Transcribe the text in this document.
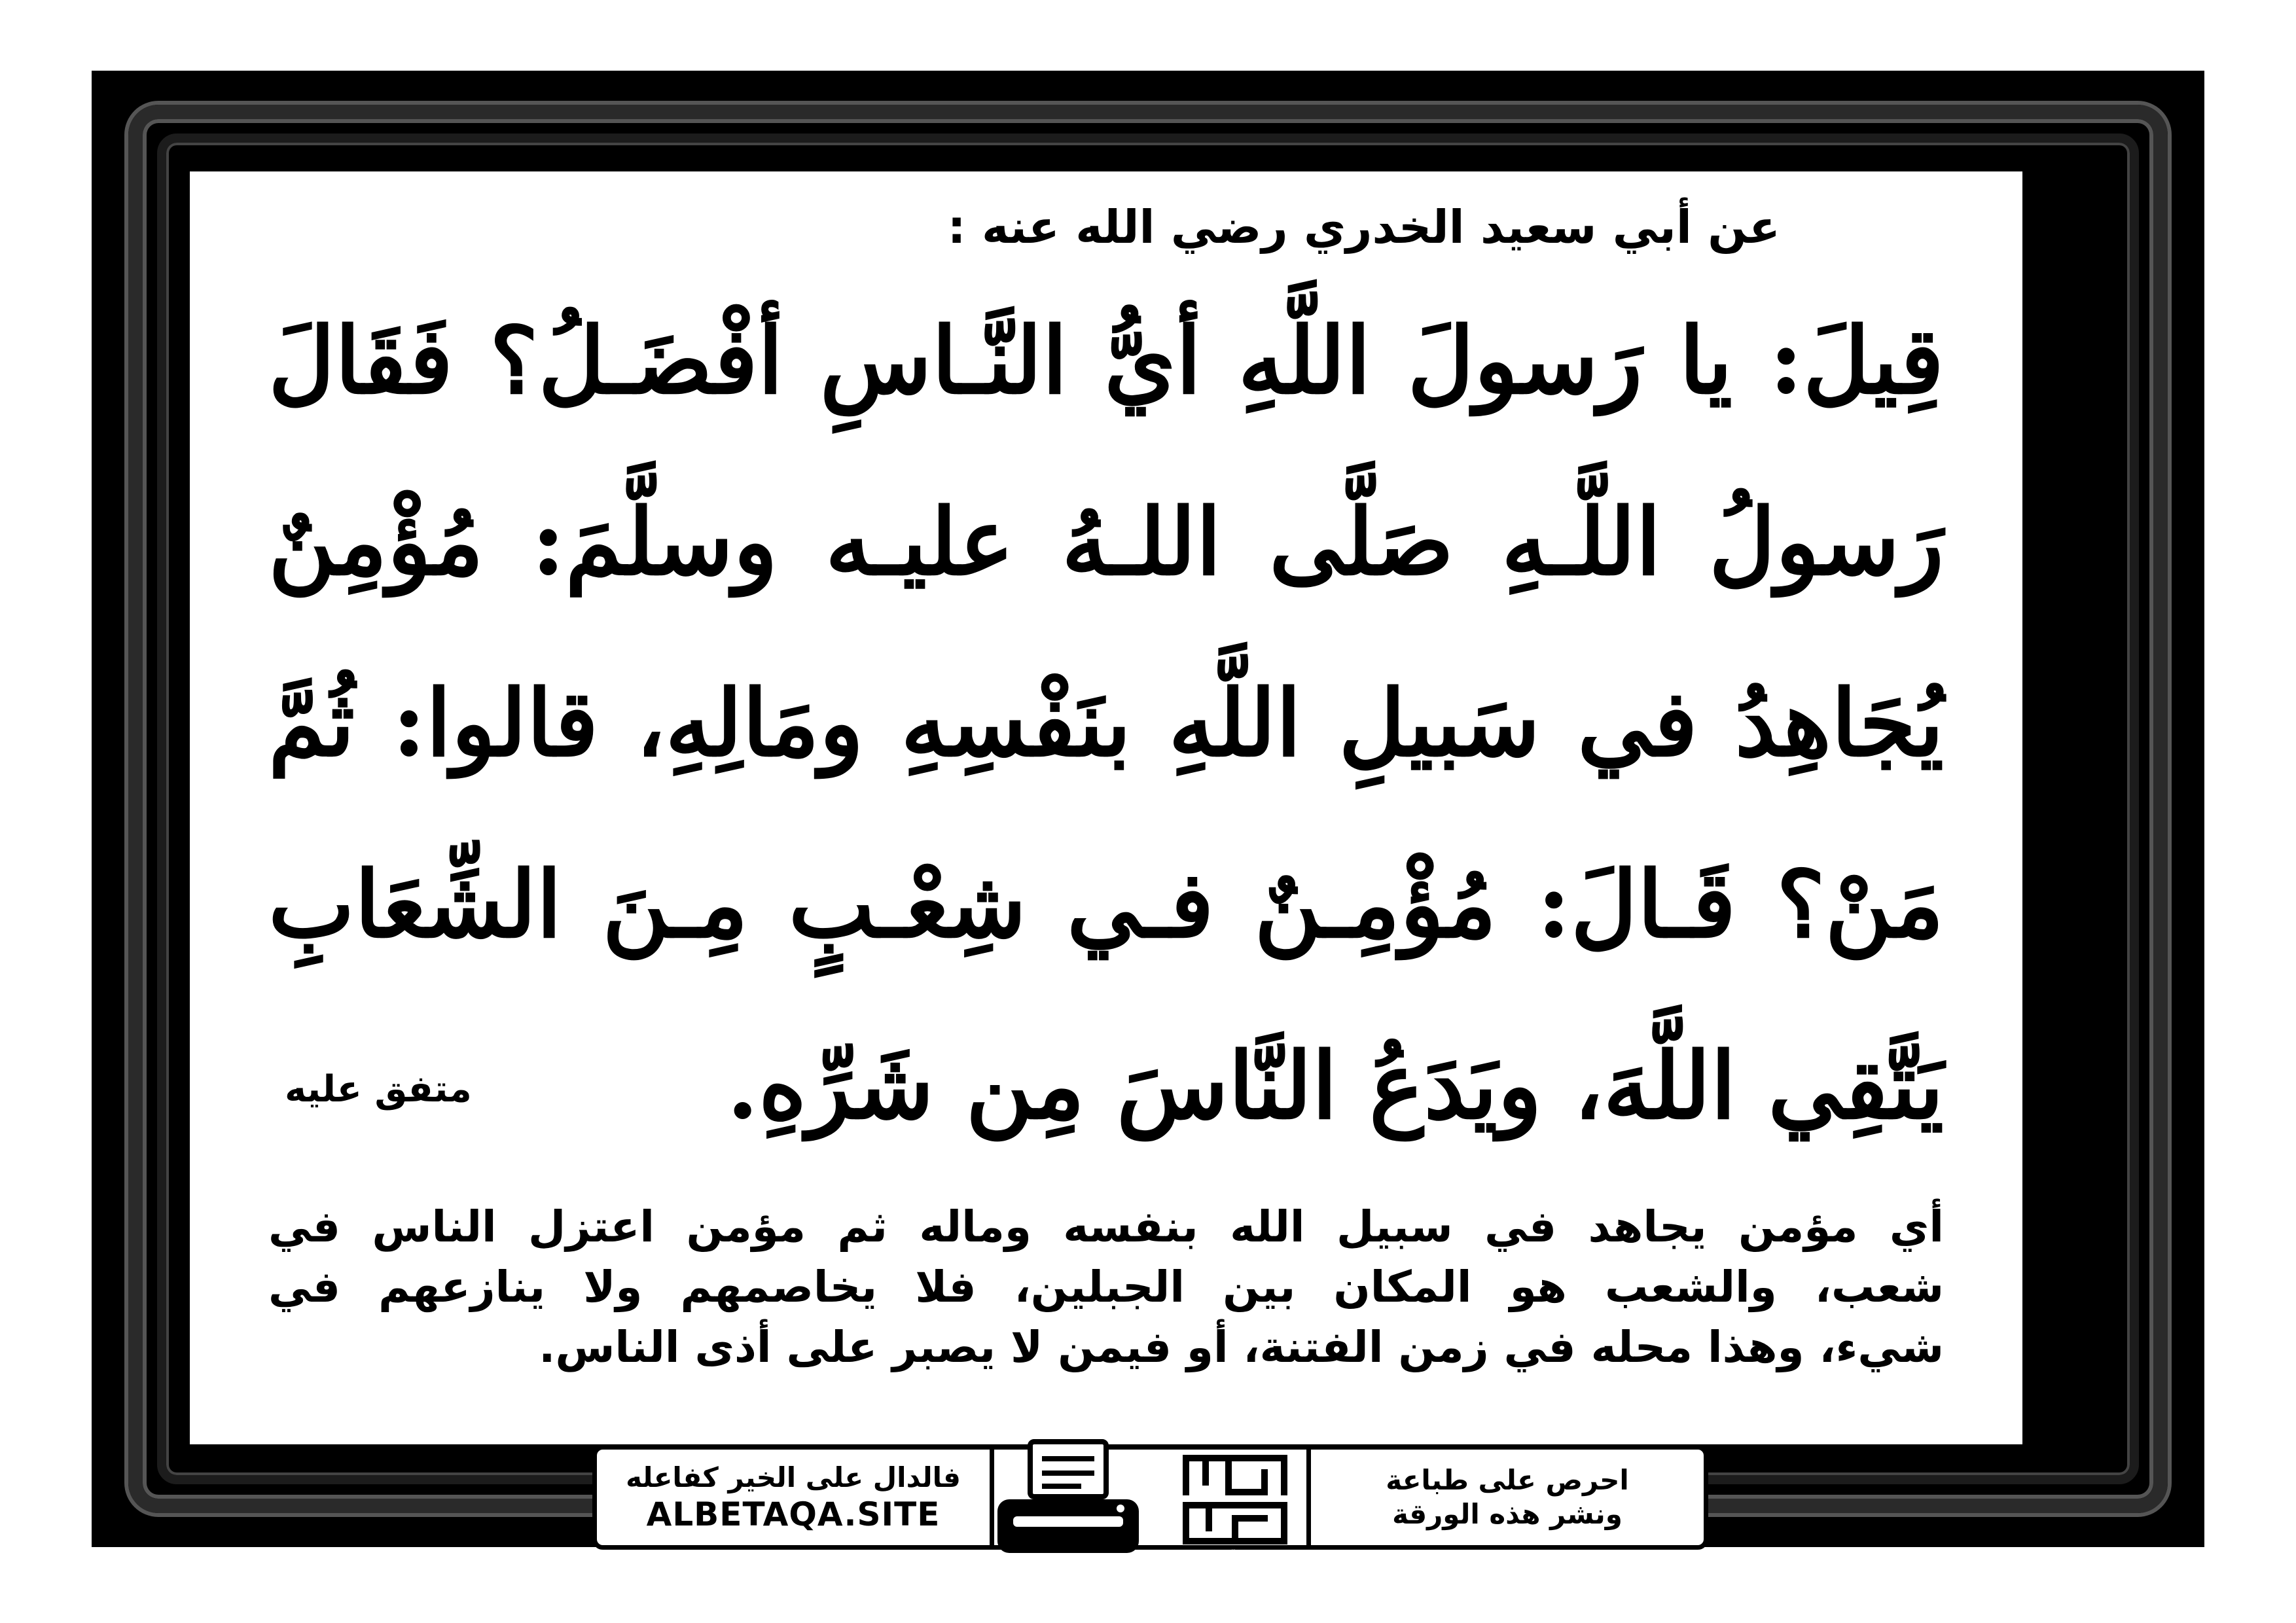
عن أبي سعيد الخدري رضي الله عنه :
قِيلَ: يا رَسولَ اللَّهِ أيُّ النَّـاسِ أفْضَـلُ؟ فَقَالَ
رَسولُ اللَّـهِ صَلَّى اللـهُ عليـه وسلَّمَ: مُؤْمِنٌ
يُجَاهِدُ في سَبيلِ اللَّهِ بنَفْسِهِ ومَالِهِ، قالوا: ثُمَّ
مَنْ؟ قَـالَ: مُؤْمِـنٌ فـي شِعْـبٍ مِـنَ الشِّعَابِ
يَتَّقِي اللَّهَ، ويَدَعُ النَّاسَ مِن شَرِّهِ.
متفق عليه
أي مؤمن يجاهد في سبيل الله بنفسه وماله ثم مؤمن اعتزل الناس في
شعب، والشعب هو المكان بين الجبلين، فلا يخاصمهم ولا ينازعهم في
شيء، وهذا محله في زمن الفتنة، أو فيمن لا يصبر على أذى الناس.
احرص على طباعة
ونشر هذه الورقة
الدعوية الورقة
فالدال على الخير كفاعله
ALBETAQA.SITE
